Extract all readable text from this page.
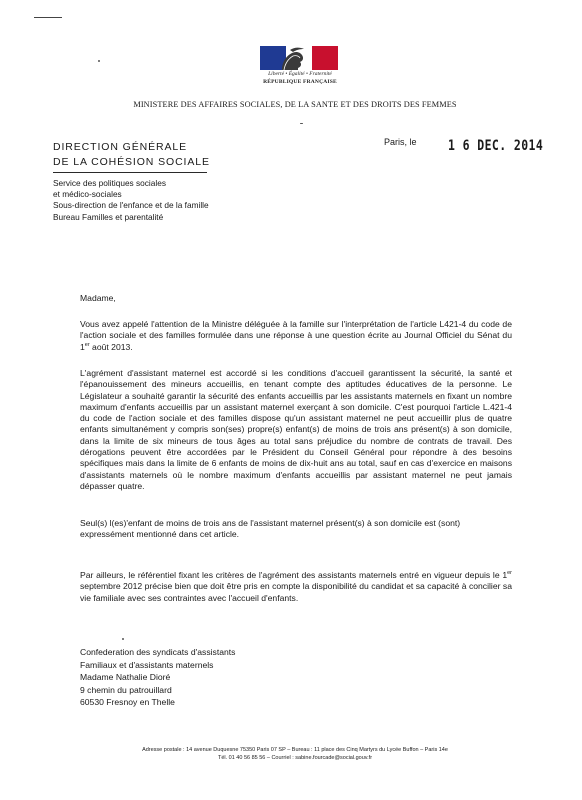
Liberté • Égalité • Fraternité
RÉPUBLIQUE FRANÇAISE
MINISTERE DES AFFAIRES SOCIALES, DE LA SANTE ET DES DROITS DES FEMMES
DIRECTION GÉNÉRALE
DE LA COHÉSION SOCIALE
Service des politiques sociales
et médico-sociales
Sous-direction de l'enfance et de la famille
Bureau Familles et parentalité
Paris, le 1 6 DEC. 2014
Madame,
Vous avez appelé l'attention de la Ministre déléguée à la famille sur l'interprétation de l'article L421-4 du code de l'action sociale et des familles formulée dans une réponse à une question écrite au Journal Officiel du Sénat du 1er août 2013.
L'agrément d'assistant maternel est accordé si les conditions d'accueil garantissent la sécurité, la santé et l'épanouissement des mineurs accueillis, en tenant compte des aptitudes éducatives de la personne. Le Législateur a souhaité garantir la sécurité des enfants accueillis par les assistants maternels en fixant un nombre maximum d'enfants accueillis par un assistant maternel exerçant à son domicile. C'est pourquoi l'article L.421-4 du code de l'action sociale et des familles dispose qu'un assistant maternel ne peut accueillir plus de quatre enfants simultanément y compris son(ses) propre(s) enfant(s) de moins de trois ans présent(s) à son domicile, dans la limite de six mineurs de tous âges au total sans préjudice du nombre de contrats de travail. Des dérogations peuvent être accordées par le Président du Conseil Général pour répondre à des besoins spécifiques mais dans la limite de 6 enfants de moins de dix-huit ans au total, sauf en cas d'exercice en maisons d'assistants maternels où le nombre maximum d'enfants accueillis par assistant maternel ne peut jamais dépasser quatre.
Seul(s) l(es)'enfant de moins de trois ans de l'assistant maternel présent(s) à son domicile est (sont)
expressément mentionné dans cet article.
Par ailleurs, le référentiel fixant les critères de l'agrément des assistants maternels entré en vigueur depuis le 1er septembre 2012 précise bien que doit être pris en compte la disponibilité du candidat et sa capacité à concilier sa vie familiale avec ses contraintes avec l'accueil d'enfants.
Confederation des syndicats d'assistants
Familiaux et d'assistants maternels
Madame Nathalie Dioré
9 chemin du patrouillard
60530 Fresnoy en Thelle
Adresse postale : 14 avenue Duquesne 75350 Paris 07 SP – Bureau : 11 place des Cinq Martyrs du Lycée Buffon – Paris 14e
Tél. 01 40 56 85 56 – Courriel : sabine.fourcade@social.gouv.fr
